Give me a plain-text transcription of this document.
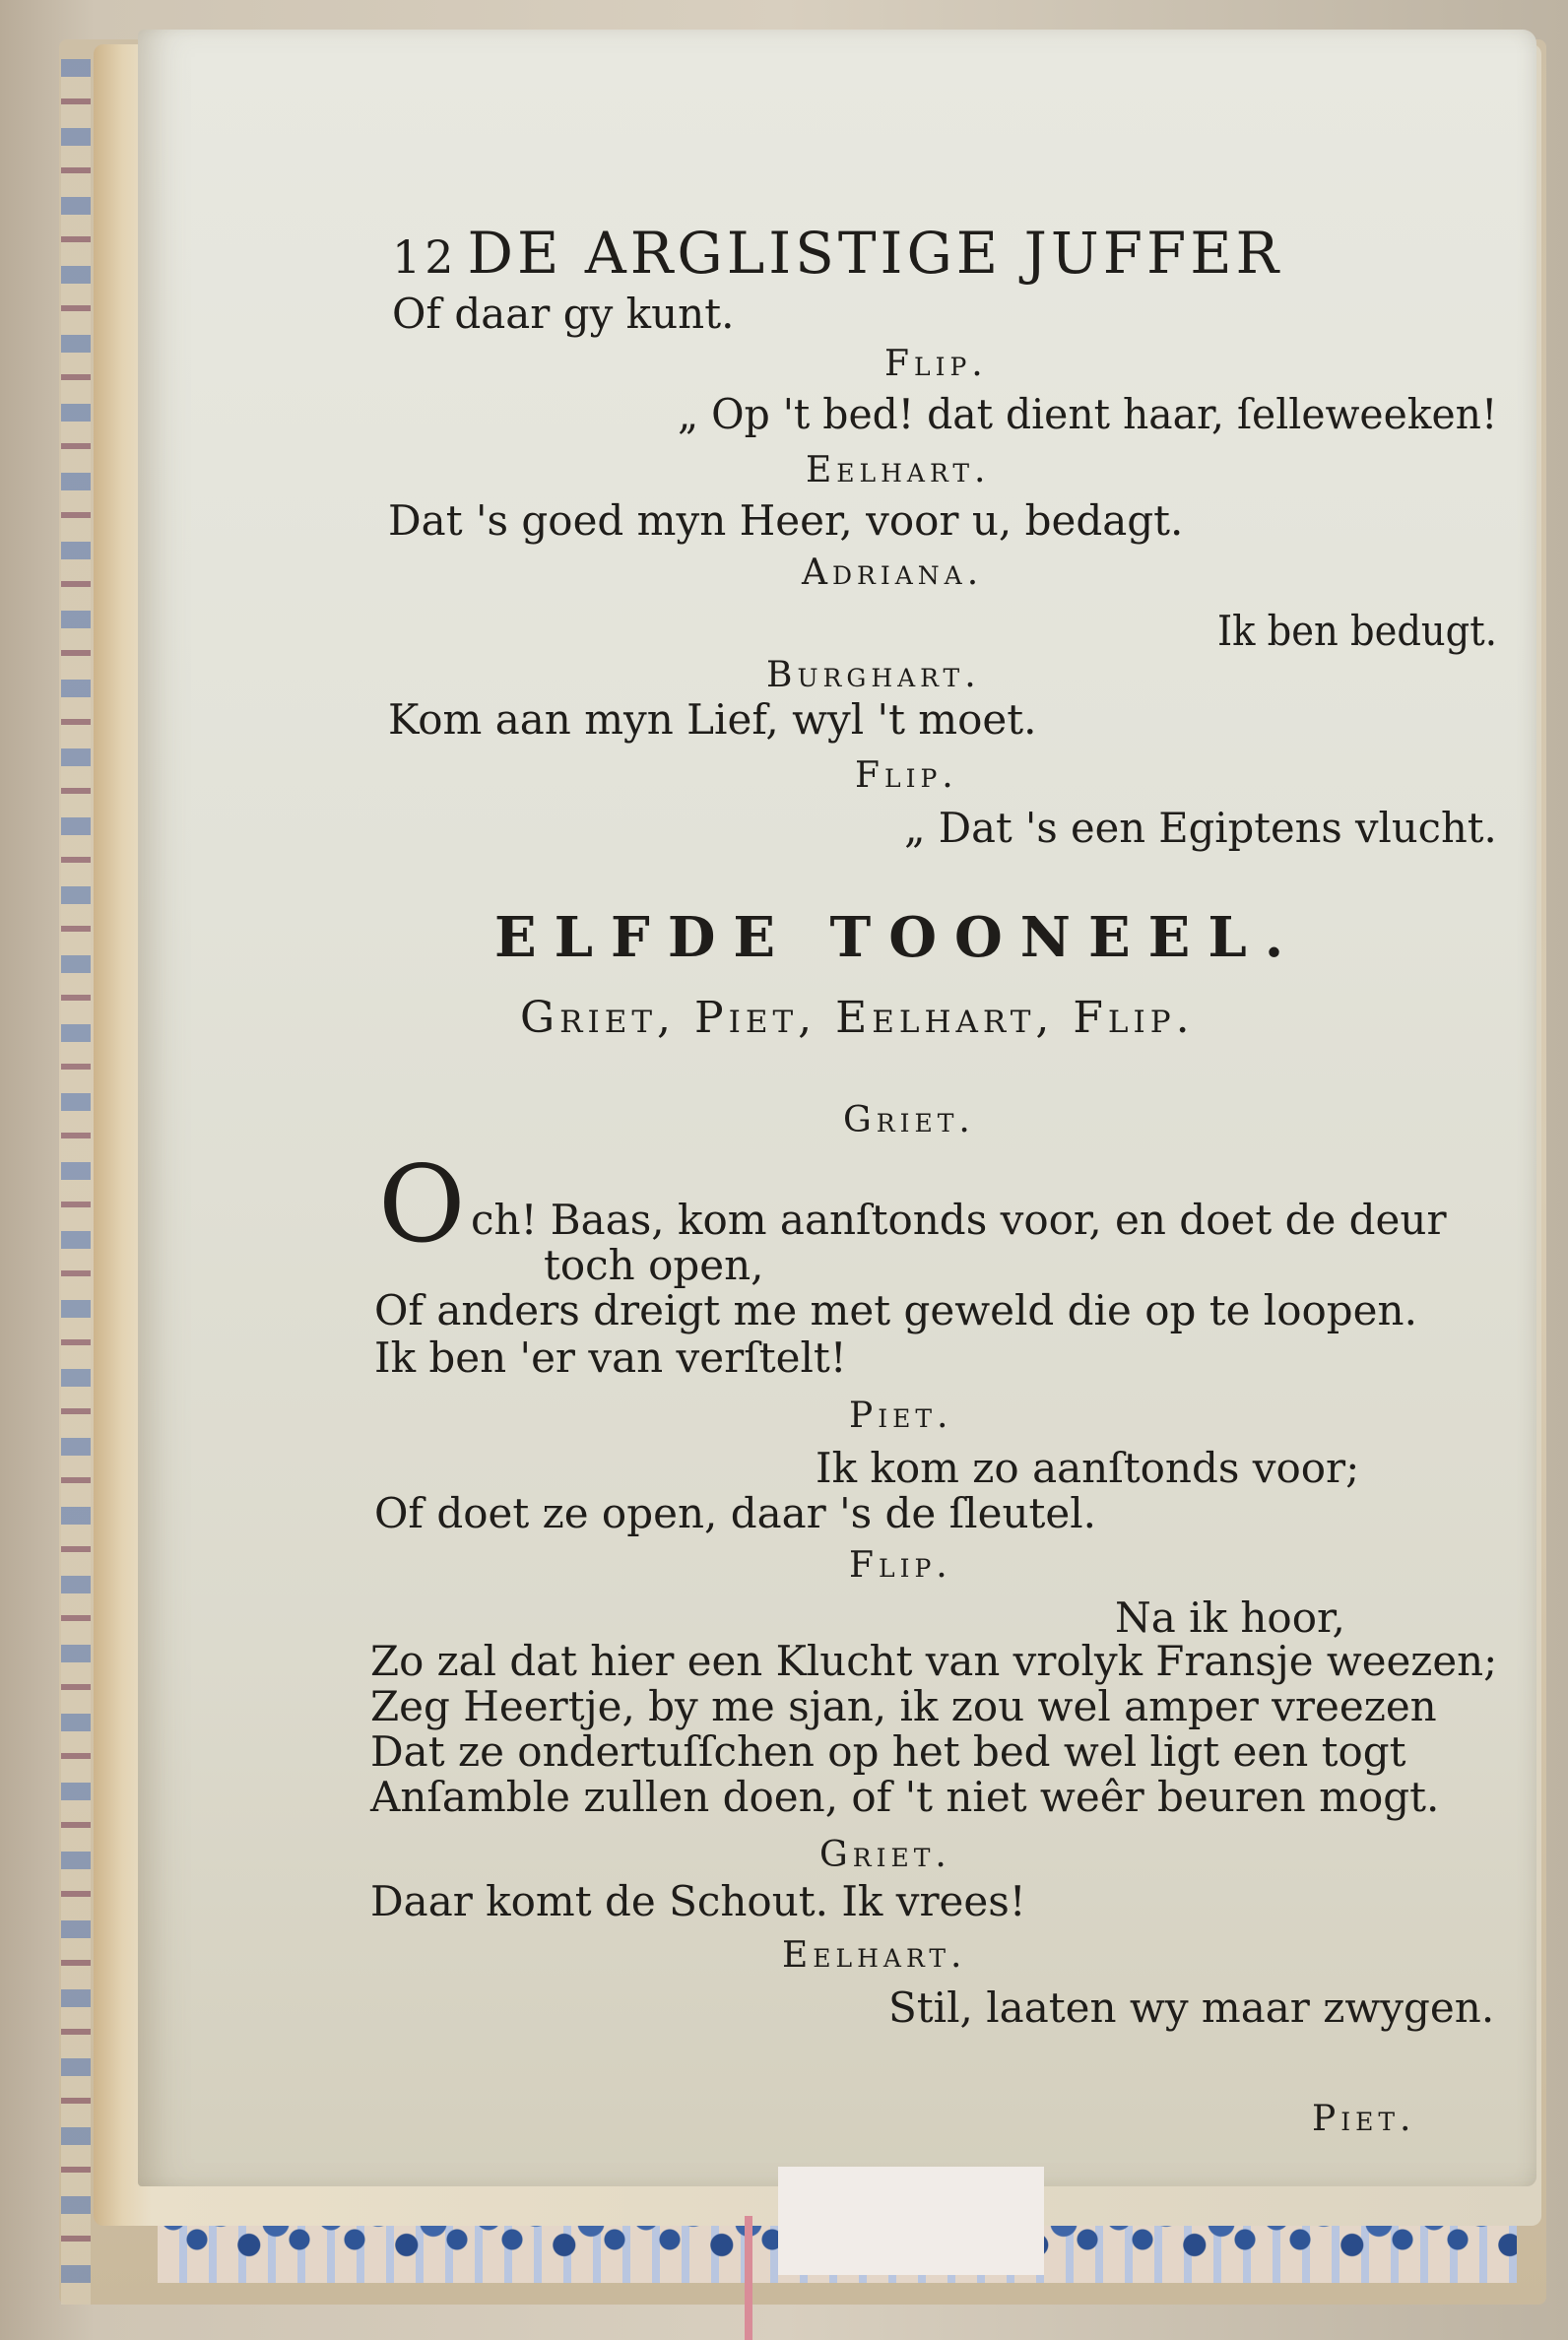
12 DE ARGLISTIGE JUFFER
Of daar gy kunt.
Flip.
„ Op 't bed! dat dient haar, ſelleweeken!
Eelhart.
Dat 's goed myn Heer, voor u, bedagt.
Adriana.
Ik ben bedugt.
Burghart.
Kom aan myn Lief, wyl 't moet.
Flip.
„ Dat 's een Egiptens vlucht.
ELFDE TOONEEL.
Griet, Piet, Eelhart, Flip.
Griet.
O ch! Baas, kom aanſtonds voor, en doet de deur
toch open,
Of anders dreigt me met geweld die op te loopen.
Ik ben 'er van verſtelt!
Piet.
Ik kom zo aanſtonds voor;
Of doet ze open, daar 's de ſleutel.
Flip.
Na ik hoor,
Zo zal dat hier een Klucht van vrolyk Fransje weezen;
Zeg Heertje, by me sjan, ik zou wel amper vreezen
Dat ze ondertuſſchen op het bed wel ligt een togt
Anſamble zullen doen, of 't niet weêr beuren mogt.
Griet.
Daar komt de Schout. Ik vrees!
Eelhart.
Stil, laaten wy maar zwygen.
Piet.
